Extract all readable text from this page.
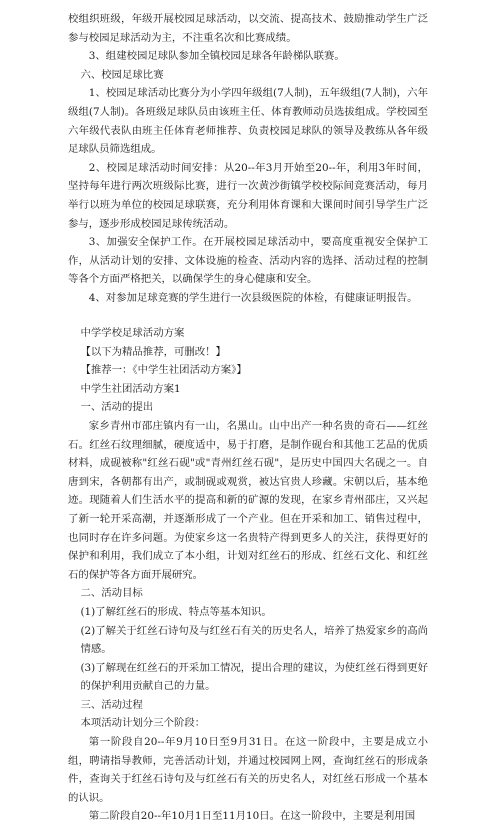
校组织班级，年级开展校园足球活动，以交流、提高技术、鼓励推动学生广泛参与校园足球活动为主，不注重名次和比赛成绩。

3、组建校园足球队参加全镇校园足球各年龄梯队联赛。

六、校园足球比赛

1、校园足球活动比赛分为小学四年级组(7人制)，五年级组(7人制)，六年级组(7人制)。各班级足球队员由该班主任、体育教师动员选拔组成。学校园至六年级代表队由班主任体育老师推荐、负责校园足球队的领导及教练从各年级足球队员筛选组成。

2、校园足球活动时间安排：从20--年3月开始至20--年，利用3年时间，坚持每年进行两次班级际比赛，进行一次黄沙街镇学校校际间竞赛活动，每月举行以班为单位的校园足球联赛，充分利用体育课和大课间时间引导学生广泛参与，逐步形成校园足球传统活动。

3、加强安全保护工作。在开展校园足球活动中，要高度重视安全保护工作，从活动计划的安排、文体设施的检查、活动内容的选择、活动过程的控制等各个方面严格把关，以确保学生的身心健康和安全。

4、对参加足球竞赛的学生进行一次县级医院的体检，有健康证明报告。

中学学校足球活动方案

【以下为精品推荐，可删改！】

【推荐一：《中学生社团活动方案》】

中学生社团活动方案1

一、活动的提出

家乡青州市邵庄镇内有一山，名黑山。山中出产一种名贵的奇石——红丝石。红丝石纹理细腻，硬度适中，易于打磨，是制作砚台和其他工艺品的优质材料，成砚被称"红丝石砚"或"青州红丝石砚"，是历史中国四大名砚之一。自唐到宋，各朝都有出产，或制砚或观赏，被达官贵人珍藏。宋朝以后，基本绝迹。现随着人们生活水平的提高和新的矿源的发现，在家乡青州邵庄，又兴起了新一轮开采高潮，并逐渐形成了一个产业。但在开采和加工、销售过程中，也同时存在许多问题。为使家乡这一名贵特产得到更多人的关注，获得更好的保护和利用，我们成立了本小组，计划对红丝石的形成、红丝石文化、和红丝石的保护等各方面开展研究。

二、活动目标

(1)了解红丝石的形成、特点等基本知识。

(2)了解关于红丝石诗句及与红丝石有关的历史名人，培养了热爱家乡的高尚情感。

(3)了解现在红丝石的开采加工情况，提出合理的建议，为使红丝石得到更好的保护利用贡献自己的力量。

三、活动过程

本项活动计划分三个阶段：

第一阶段自20--年9月10日至9月31日。在这一阶段中，主要是成立小组，聘请指导教师，完善活动计划，并通过校园网上网，查询红丝石的形成条件，查询关于红丝石诗句及与红丝石有关的历史名人，对红丝石形成一个基本的认识。

第二阶段自20--年10月1日至11月10日。在这一阶段中，主要是利用国
